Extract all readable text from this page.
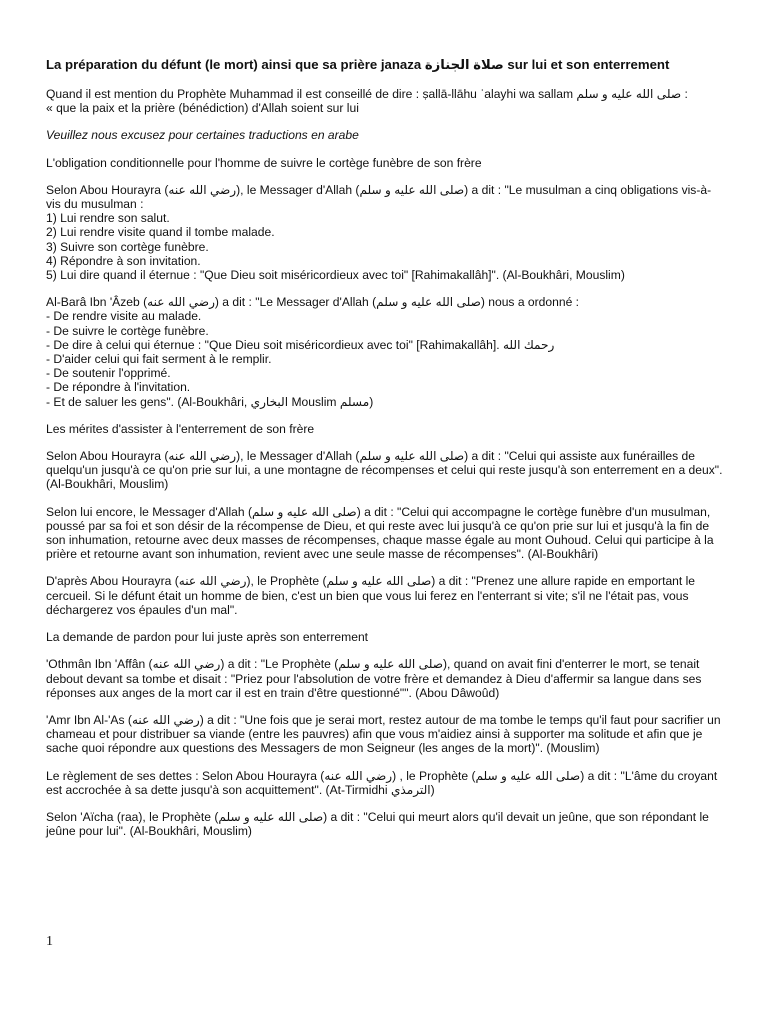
La préparation du défunt (le mort) ainsi que sa prière janaza صلاة الجنازة sur lui et son enterrement
Quand il est mention du Prophète Muhammad il est conseillé de dire : ṣallā-llāhu ʿalayhi wa sallam صلى الله عليه و سلم :
« que la paix et la prière (bénédiction) d'Allah soient sur lui
Veuillez nous excusez pour certaines traductions en arabe
L'obligation conditionnelle pour l'homme de suivre le cortège funèbre de son frère
Selon Abou Hourayra (رضي الله عنه), le Messager d'Allah (صلى الله عليه و سلم) a dit : "Le musulman a cinq obligations vis-à-vis du musulman :
1) Lui rendre son salut.
2) Lui rendre visite quand il tombe malade.
3) Suivre son cortège funèbre.
4) Répondre à son invitation.
5) Lui dire quand il éternue : "Que Dieu soit miséricordieux avec toi" [Rahimakallâh]". (Al-Boukhâri, Mouslim)
Al-Barâ Ibn 'Âzeb (رضي الله عنه) a dit : "Le Messager d'Allah (صلى الله عليه و سلم) nous a ordonné :
- De rendre visite au malade.
- De suivre le cortège funèbre.
- De dire à celui qui éternue : "Que Dieu soit miséricordieux avec toi" [Rahimakallâh]. رحمك الله
- D'aider celui qui fait serment à le remplir.
- De soutenir l'opprimé.
- De répondre à l'invitation.
- Et de saluer les gens". (Al-Boukhâri, البخاري Mouslim مسلم)
Les mérites d'assister à l'enterrement de son frère
Selon Abou Hourayra (رضي الله عنه), le Messager d'Allah (صلى الله عليه و سلم) a dit : "Celui qui assiste aux funérailles de quelqu'un jusqu'à ce qu'on prie sur lui, a une montagne de récompenses et celui qui reste jusqu'à son enterrement en a deux". (Al-Boukhâri, Mouslim)
Selon lui encore, le Messager d'Allah (صلى الله عليه و سلم) a dit : "Celui qui accompagne le cortège funèbre d'un musulman, poussé par sa foi et son désir de la récompense de Dieu, et qui reste avec lui jusqu'à ce qu'on prie sur lui et jusqu'à la fin de son inhumation, retourne avec deux masses de récompenses, chaque masse égale au mont Ouhoud. Celui qui participe à la prière et retourne avant son inhumation, revient avec une seule masse de récompenses". (Al-Boukhâri)
D'après Abou Hourayra (رضي الله عنه), le Prophète (صلى الله عليه و سلم) a dit : "Prenez une allure rapide en emportant le cercueil. Si le défunt était un homme de bien, c'est un bien que vous lui ferez en l'enterrant si vite; s'il ne l'était pas, vous déchargerez vos épaules d'un mal".
La demande de pardon pour lui juste après son enterrement
'Othmân Ibn 'Affân (رضي الله عنه) a dit : "Le Prophète (صلى الله عليه و سلم), quand on avait fini d'enterrer le mort, se tenait debout devant sa tombe et disait : "Priez pour l'absolution de votre frère et demandez à Dieu d'affermir sa langue dans ses réponses aux anges de la mort car il est en train d'être questionné"". (Abou Dâwoûd)
'Amr Ibn Al-'As (رضي الله عنه) a dit : "Une fois que je serai mort, restez autour de ma tombe le temps qu'il faut pour sacrifier un chameau et pour distribuer sa viande (entre les pauvres) afin que vous m'aidiez ainsi à supporter ma solitude et afin que je sache quoi répondre aux questions des Messagers de mon Seigneur (les anges de la mort)". (Mouslim)
Le règlement de ses dettes : Selon Abou Hourayra (رضي الله عنه) , le Prophète (صلى الله عليه و سلم) a dit : "L'âme du croyant est accrochée à sa dette jusqu'à son acquittement". (At-Tirmidhi الترمذي)
Selon 'Aïcha (raa), le Prophète (صلى الله عليه و سلم) a dit : "Celui qui meurt alors qu'il devait un jeûne, que son répondant le jeûne pour lui". (Al-Boukhâri, Mouslim)
1
